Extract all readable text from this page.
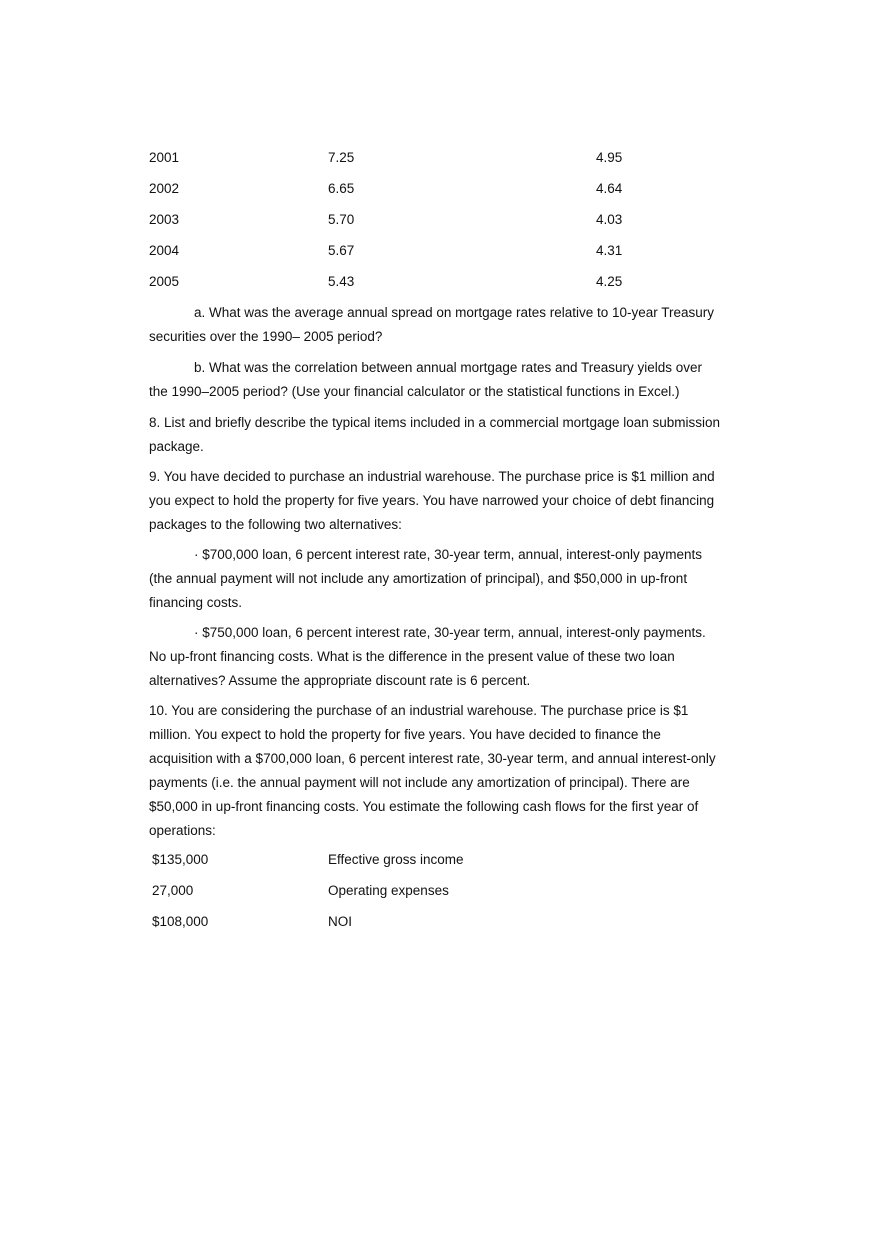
2001	7.25	4.95
2002	6.65	4.64
2003	5.70	4.03
2004	5.67	4.31
2005	5.43	4.25

a. What was the average annual spread on mortgage rates relative to 10-year Treasury
securities over the 1990– 2005 period?

b. What was the correlation between annual mortgage rates and Treasury yields over
the 1990–2005 period? (Use your financial calculator or the statistical functions in Excel.)

8. List and briefly describe the typical items included in a commercial mortgage loan submission
package.

9. You have decided to purchase an industrial warehouse. The purchase price is $1 million and
you expect to hold the property for five years. You have narrowed your choice of debt financing
packages to the following two alternatives:

· $700,000 loan, 6 percent interest rate, 30-year term, annual, interest-only payments
(the annual payment will not include any amortization of principal), and $50,000 in up-front
financing costs.

· $750,000 loan, 6 percent interest rate, 30-year term, annual, interest-only payments.
No up-front financing costs. What is the difference in the present value of these two loan
alternatives? Assume the appropriate discount rate is 6 percent.

10. You are considering the purchase of an industrial warehouse. The purchase price is $1
million. You expect to hold the property for five years. You have decided to finance the
acquisition with a $700,000 loan, 6 percent interest rate, 30-year term, and annual interest-only
payments (i.e. the annual payment will not include any amortization of principal). There are
$50,000 in up-front financing costs. You estimate the following cash flows for the first year of
operations:

$135,000	Effective gross income
27,000	Operating expenses
$108,000	NOI
